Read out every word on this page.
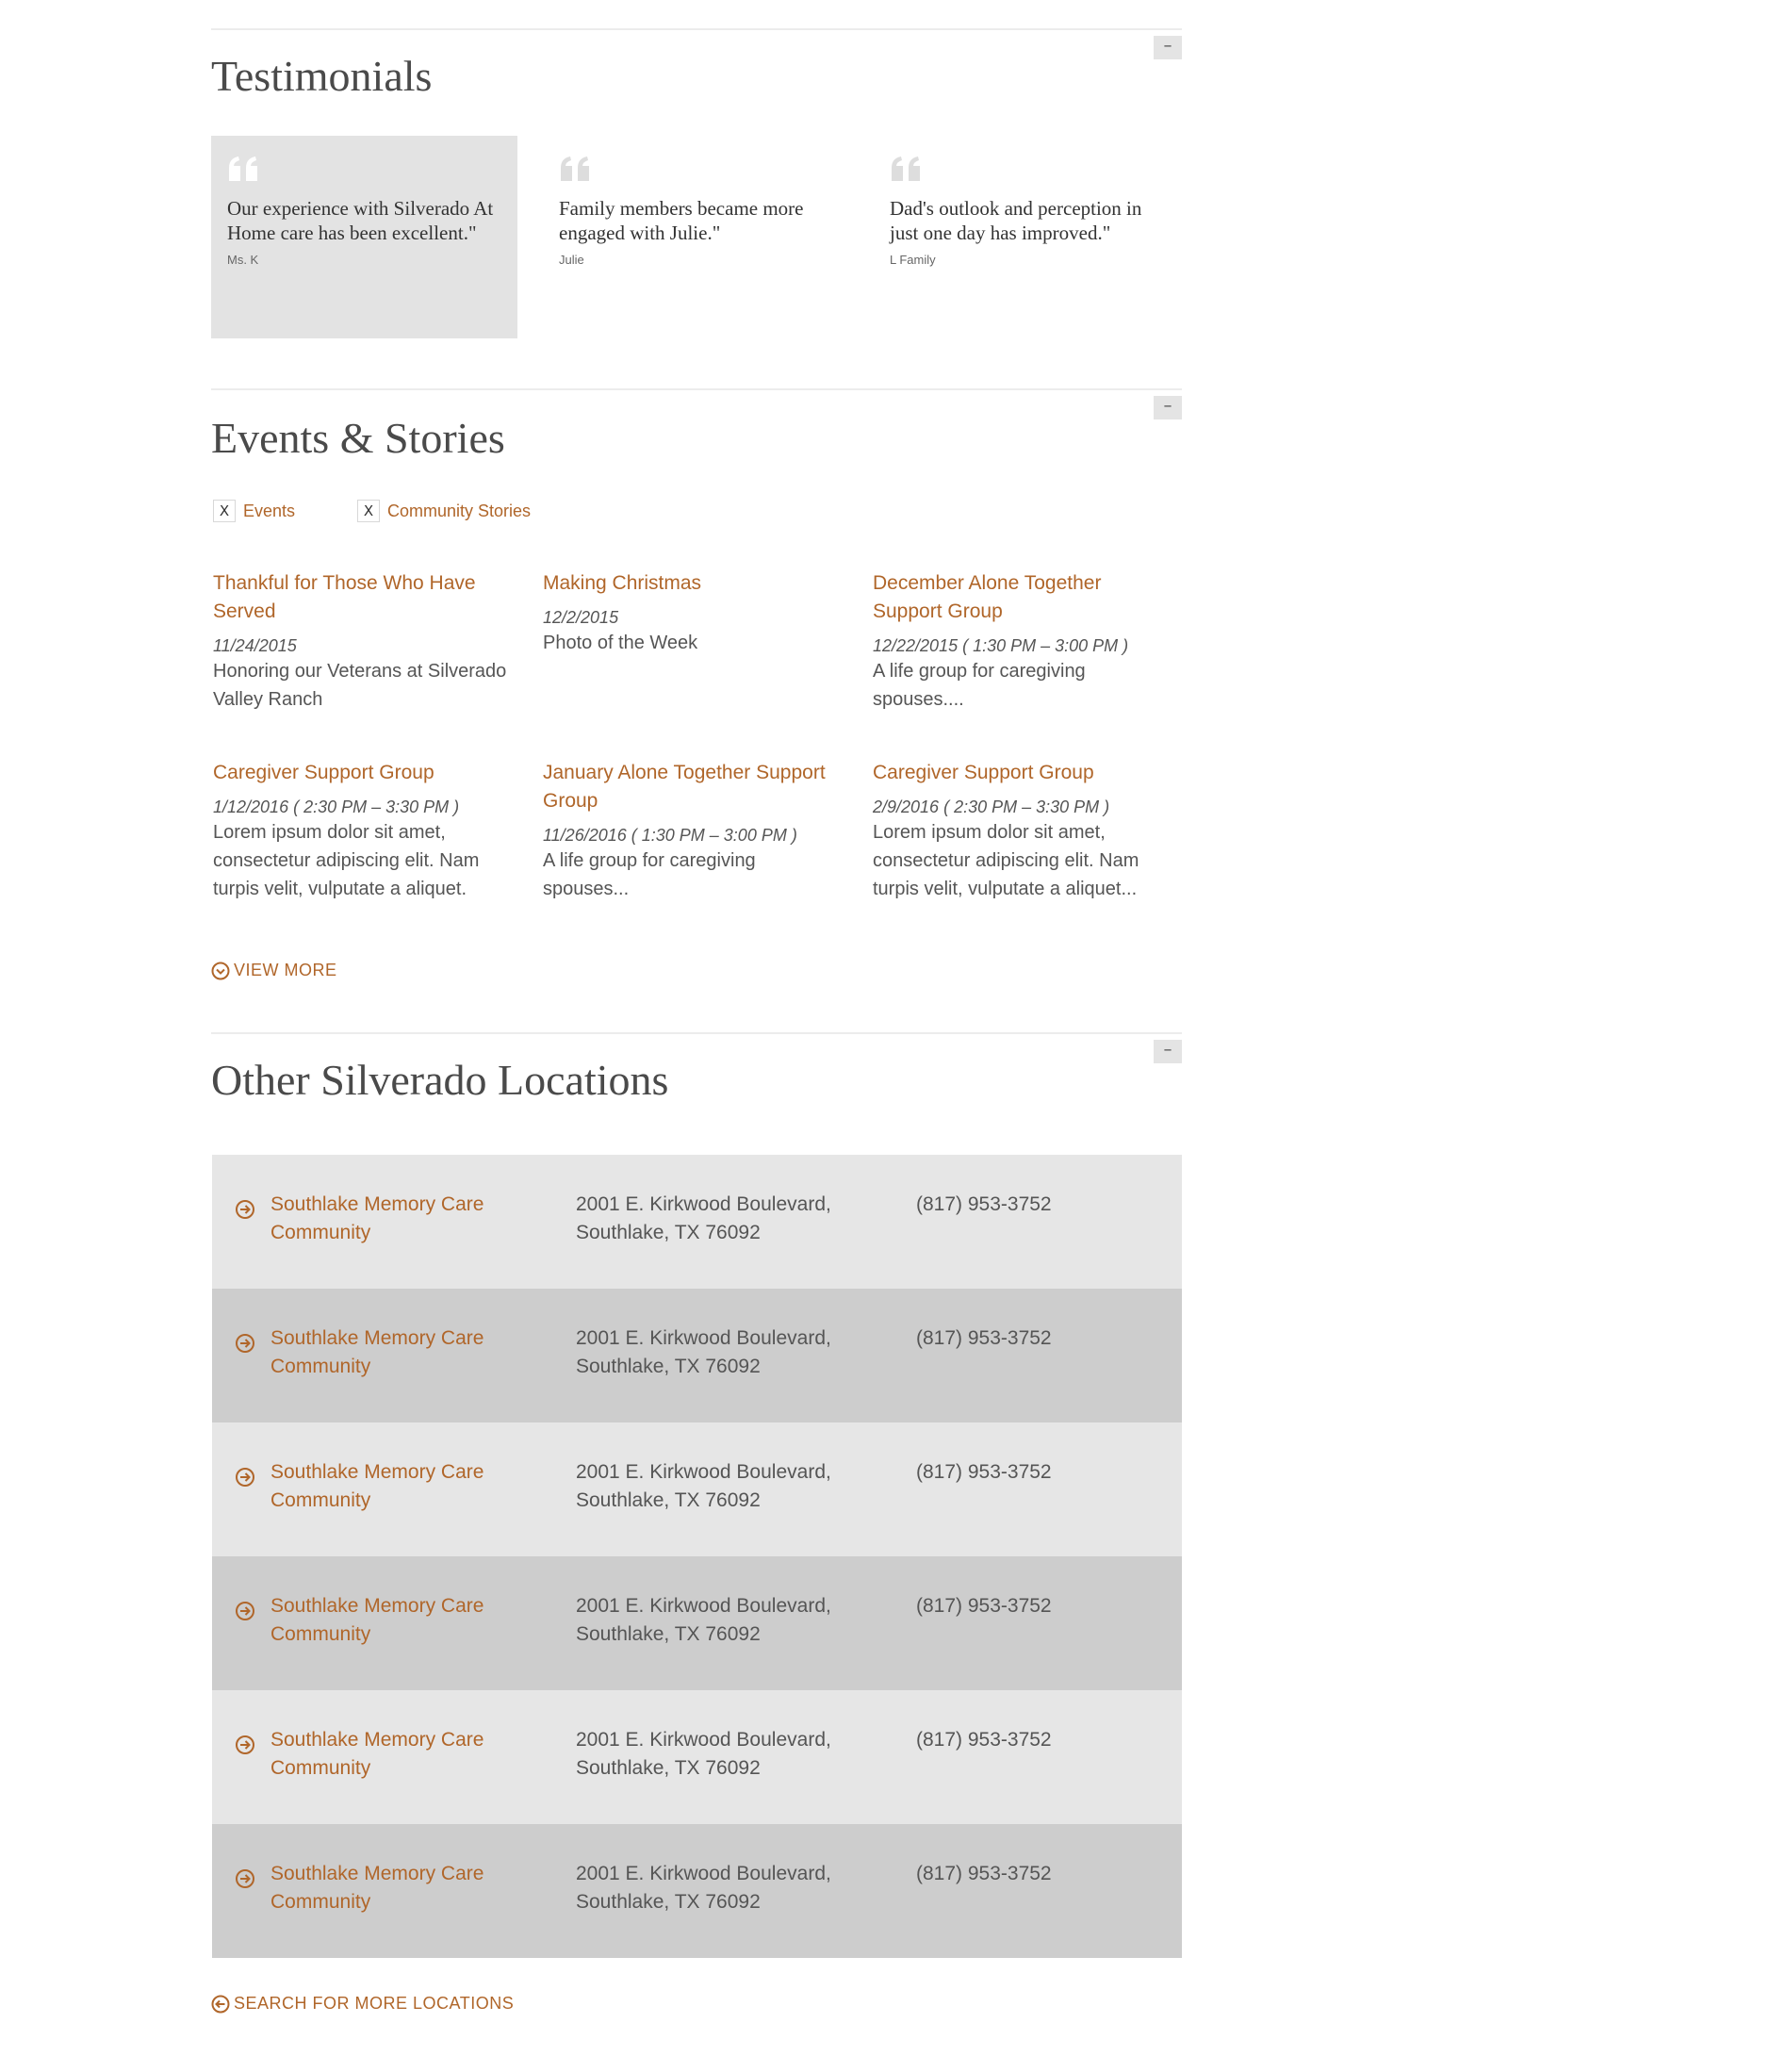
–
Testimonials
Our experience with Silverado At Home care has been excellent."
Ms. K
Family members became more engaged with Julie."
Julie
Dad's outlook and perception in just one day has improved."
L Family
–
Events & Stories
X Events	X Community Stories
Thankful for Those Who Have Served
11/24/2015
Honoring our Veterans at Silverado Valley Ranch
Making Christmas
12/2/2015
Photo of the Week
December Alone Together Support Group
12/22/2015 ( 1:30 PM – 3:00 PM )
A life group for caregiving spouses....
Caregiver Support Group
1/12/2016 ( 2:30 PM – 3:30 PM )
Lorem ipsum dolor sit amet, consectetur adipiscing elit. Nam turpis velit, vulputate a aliquet.
January Alone Together Support Group
11/26/2016 ( 1:30 PM – 3:00 PM )
A life group for caregiving spouses...
Caregiver Support Group
2/9/2016 ( 2:30 PM – 3:30 PM )
Lorem ipsum dolor sit amet, consectetur adipiscing elit. Nam turpis velit, vulputate a aliquet...
VIEW MORE
–
Other Silverado Locations
Southlake Memory Care Community
2001 E. Kirkwood Boulevard, Southlake, TX 76092
(817) 953-3752
Southlake Memory Care Community
2001 E. Kirkwood Boulevard, Southlake, TX 76092
(817) 953-3752
Southlake Memory Care Community
2001 E. Kirkwood Boulevard, Southlake, TX 76092
(817) 953-3752
Southlake Memory Care Community
2001 E. Kirkwood Boulevard, Southlake, TX 76092
(817) 953-3752
Southlake Memory Care Community
2001 E. Kirkwood Boulevard, Southlake, TX 76092
(817) 953-3752
Southlake Memory Care Community
2001 E. Kirkwood Boulevard, Southlake, TX 76092
(817) 953-3752
SEARCH FOR MORE LOCATIONS
